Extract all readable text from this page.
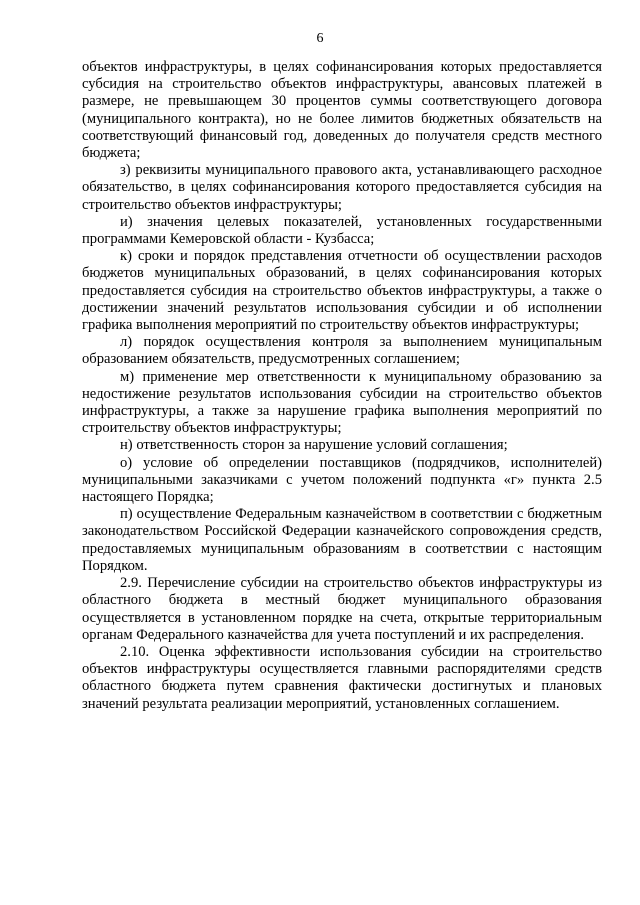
6

объектов инфраструктуры, в целях софинансирования которых предоставляется субсидия на строительство объектов инфраструктуры, авансовых платежей в размере, не превышающем 30 процентов суммы соответствующего договора (муниципального контракта), но не более лимитов бюджетных обязательств на соответствующий финансовый год, доведенных до получателя средств местного бюджета;

з) реквизиты муниципального правового акта, устанавливающего расходное обязательство, в целях софинансирования которого предоставляется субсидия на строительство объектов инфраструктуры;

и) значения целевых показателей, установленных государственными программами Кемеровской области - Кузбасса;

к) сроки и порядок представления отчетности об осуществлении расходов бюджетов муниципальных образований, в целях софинансирования которых предоставляется субсидия на строительство объектов инфраструктуры, а также о достижении значений результатов использования субсидии и об исполнении графика выполнения мероприятий по строительству объектов инфраструктуры;

л) порядок осуществления контроля за выполнением муниципальным образованием обязательств, предусмотренных соглашением;

м) применение мер ответственности к муниципальному образованию за недостижение результатов использования субсидии на строительство объектов инфраструктуры, а также за нарушение графика выполнения мероприятий по строительству объектов инфраструктуры;

н) ответственность сторон за нарушение условий соглашения;

о) условие об определении поставщиков (подрядчиков, исполнителей) муниципальными заказчиками с учетом положений подпункта «г» пункта 2.5 настоящего Порядка;

п) осуществление Федеральным казначейством в соответствии с бюджетным законодательством Российской Федерации казначейского сопровождения средств, предоставляемых муниципальным образованиям в соответствии с настоящим Порядком.

2.9. Перечисление субсидии на строительство объектов инфраструктуры из областного бюджета в местный бюджет муниципального образования осуществляется в установленном порядке на счета, открытые территориальным органам Федерального казначейства для учета поступлений и их распределения.

2.10. Оценка эффективности использования субсидии на строительство объектов инфраструктуры осуществляется главными распорядителями средств областного бюджета путем сравнения фактически достигнутых и плановых значений результата реализации мероприятий, установленных соглашением.
